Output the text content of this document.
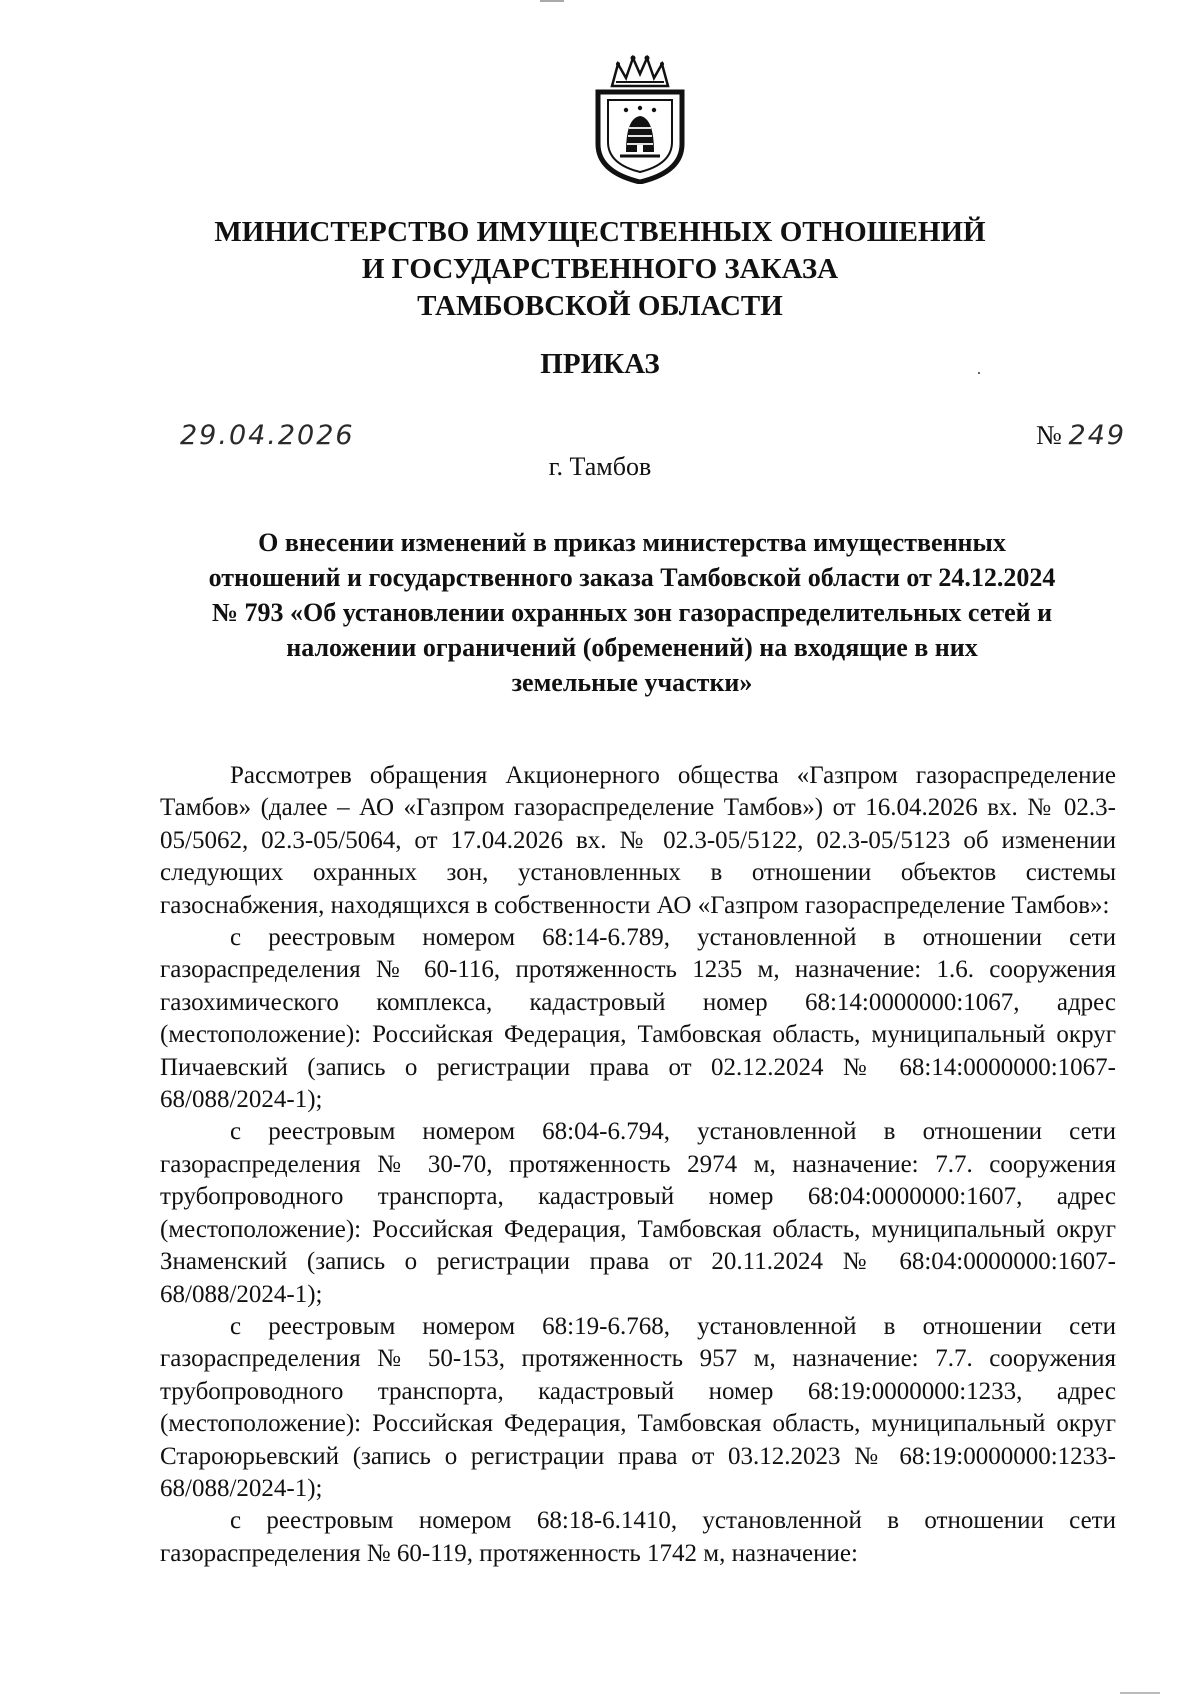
МИНИСТЕРСТВО ИМУЩЕСТВЕННЫХ ОТНОШЕНИЙ
И ГОСУДАРСТВЕННОГО ЗАКАЗА
ТАМБОВСКОЙ ОБЛАСТИ
ПРИКАЗ
29.04.2026	№ 249
г. Тамбов
О внесении изменений в приказ министерства имущественных
отношений и государственного заказа Тамбовской области от 24.12.2024
№ 793 «Об установлении охранных зон газораспределительных сетей и
наложении ограничений (обременений) на входящие в них
земельные участки»

Рассмотрев обращения Акционерного общества «Газпром газораспределение Тамбов» (далее – АО «Газпром газораспределение Тамбов») от 16.04.2026 вх. № 02.3-05/5062, 02.3-05/5064, от 17.04.2026 вх. № 02.3-05/5122, 02.3-05/5123 об изменении следующих охранных зон, установленных в отношении объектов системы газоснабжения, находящихся в собственности АО «Газпром газораспределение Тамбов»:

с реестровым номером 68:14-6.789, установленной в отношении сети газораспределения № 60-116, протяженность 1235 м, назначение: 1.6. сооружения газохимического комплекса, кадастровый номер 68:14:0000000:1067, адрес (местоположение): Российская Федерация, Тамбовская область, муниципальный округ Пичаевский (запись о регистрации права от 02.12.2024 № 68:14:0000000:1067-68/088/2024-1);

с реестровым номером 68:04-6.794, установленной в отношении сети газораспределения № 30-70, протяженность 2974 м, назначение: 7.7. сооружения трубопроводного транспорта, кадастровый номер 68:04:0000000:1607, адрес (местоположение): Российская Федерация, Тамбовская область, муниципальный округ Знаменский (запись о регистрации права от 20.11.2024 № 68:04:0000000:1607-68/088/2024-1);

с реестровым номером 68:19-6.768, установленной в отношении сети газораспределения № 50-153, протяженность 957 м, назначение: 7.7. сооружения трубопроводного транспорта, кадастровый номер 68:19:0000000:1233, адрес (местоположение): Российская Федерация, Тамбовская область, муниципальный округ Староюрьевский (запись о регистрации права от 03.12.2023 № 68:19:0000000:1233-68/088/2024-1);

с реестровым номером 68:18-6.1410, установленной в отношении сети газораспределения № 60-119, протяженность 1742 м, назначение:
